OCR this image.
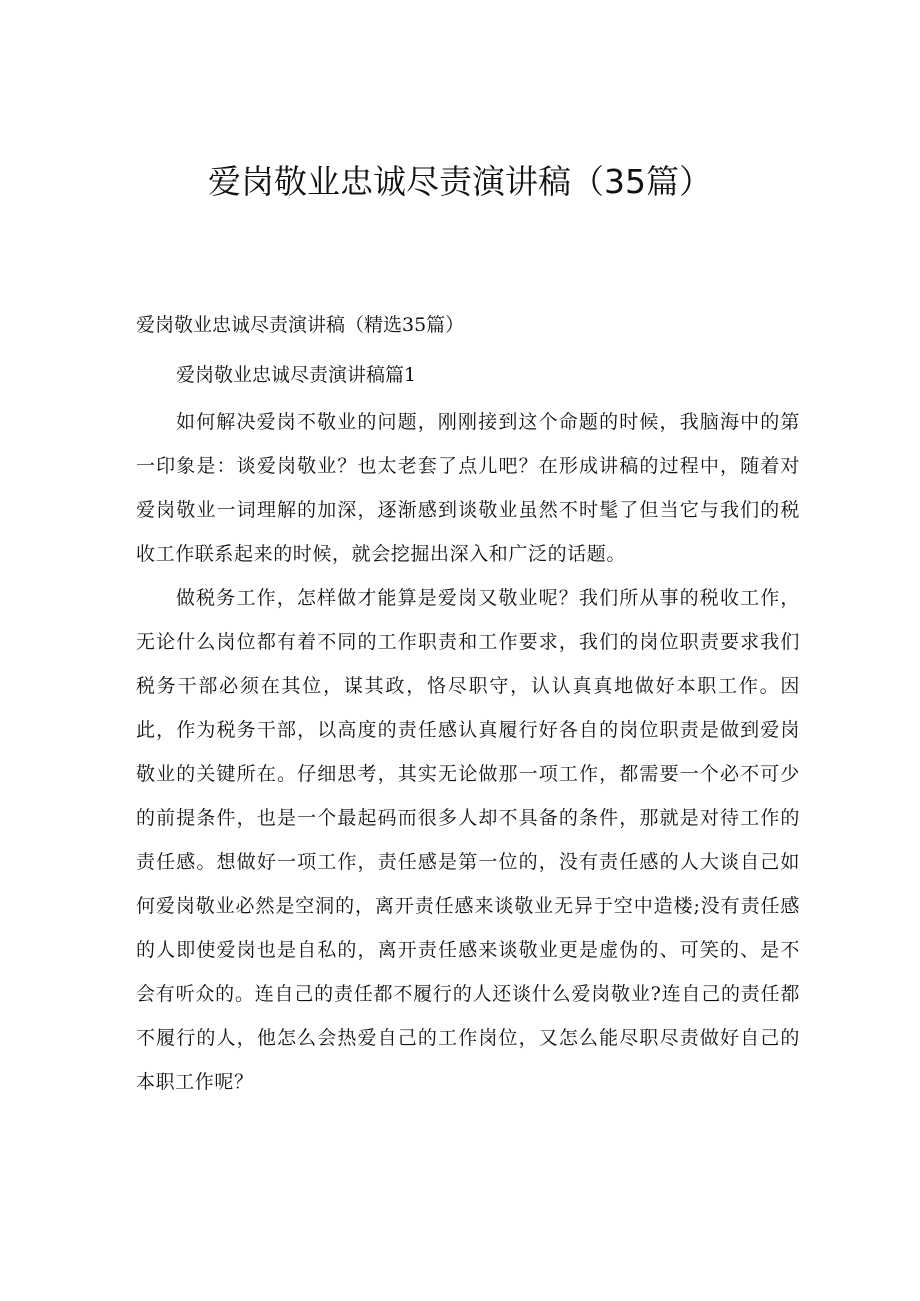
爱岗敬业忠诚尽责演讲稿（35篇）

爱岗敬业忠诚尽责演讲稿（精选35篇）

爱岗敬业忠诚尽责演讲稿篇1

如何解决爱岗不敬业的问题，刚刚接到这个命题的时候，我脑海中的第一印象是：谈爱岗敬业？也太老套了点儿吧？在形成讲稿的过程中，随着对爱岗敬业一词理解的加深，逐渐感到谈敬业虽然不时髦了但当它与我们的税收工作联系起来的时候，就会挖掘出深入和广泛的话题。

做税务工作，怎样做才能算是爱岗又敬业呢？我们所从事的税收工作，无论什么岗位都有着不同的工作职责和工作要求，我们的岗位职责要求我们税务干部必须在其位，谋其政，恪尽职守，认认真真地做好本职工作。因此，作为税务干部，以高度的责任感认真履行好各自的岗位职责是做到爱岗敬业的关键所在。仔细思考，其实无论做那一项工作，都需要一个必不可少的前提条件，也是一个最起码而很多人却不具备的条件，那就是对待工作的责任感。想做好一项工作，责任感是第一位的，没有责任感的人大谈自己如何爱岗敬业必然是空洞的，离开责任感来谈敬业无异于空中造楼;没有责任感的人即使爱岗也是自私的，离开责任感来谈敬业更是虚伪的、可笑的、是不会有听众的。连自己的责任都不履行的人还谈什么爱岗敬业?连自己的责任都不履行的人，他怎么会热爱自己的工作岗位，又怎么能尽职尽责做好自己的本职工作呢？
